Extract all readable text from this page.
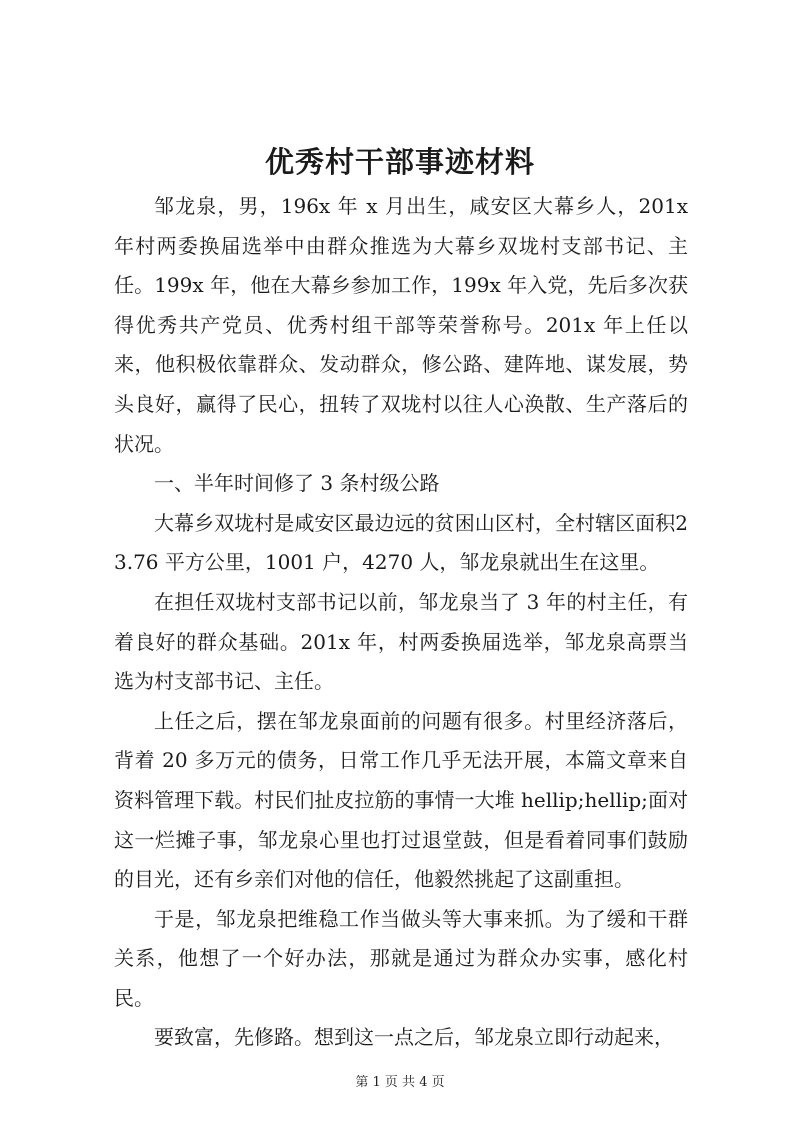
优秀村干部事迹材料

邹龙泉，男，196x 年 x 月出生，咸安区大幕乡人，201x 年村两委换届选举中由群众推选为大幕乡双垅村支部书记、主任。199x 年，他在大幕乡参加工作，199x 年入党，先后多次获得优秀共产党员、优秀村组干部等荣誉称号。201x 年上任以来，他积极依靠群众、发动群众，修公路、建阵地、谋发展，势头良好，赢得了民心，扭转了双垅村以往人心涣散、生产落后的状况。

一、半年时间修了 3 条村级公路

大幕乡双垅村是咸安区最边远的贫困山区村，全村辖区面积23.76 平方公里，1001 户，4270 人，邹龙泉就出生在这里。

在担任双垅村支部书记以前，邹龙泉当了 3 年的村主任，有着良好的群众基础。201x 年，村两委换届选举，邹龙泉高票当选为村支部书记、主任。

上任之后，摆在邹龙泉面前的问题有很多。村里经济落后，背着 20 多万元的债务，日常工作几乎无法开展，本篇文章来自资料管理下载。村民们扯皮拉筋的事情一大堆 hellip;hellip;面对这一烂摊子事，邹龙泉心里也打过退堂鼓，但是看着同事们鼓励的目光，还有乡亲们对他的信任，他毅然挑起了这副重担。

于是，邹龙泉把维稳工作当做头等大事来抓。为了缓和干群关系，他想了一个好办法，那就是通过为群众办实事，感化村民。

要致富，先修路。想到这一点之后，邹龙泉立即行动起来，

第 1 页 共 4 页
